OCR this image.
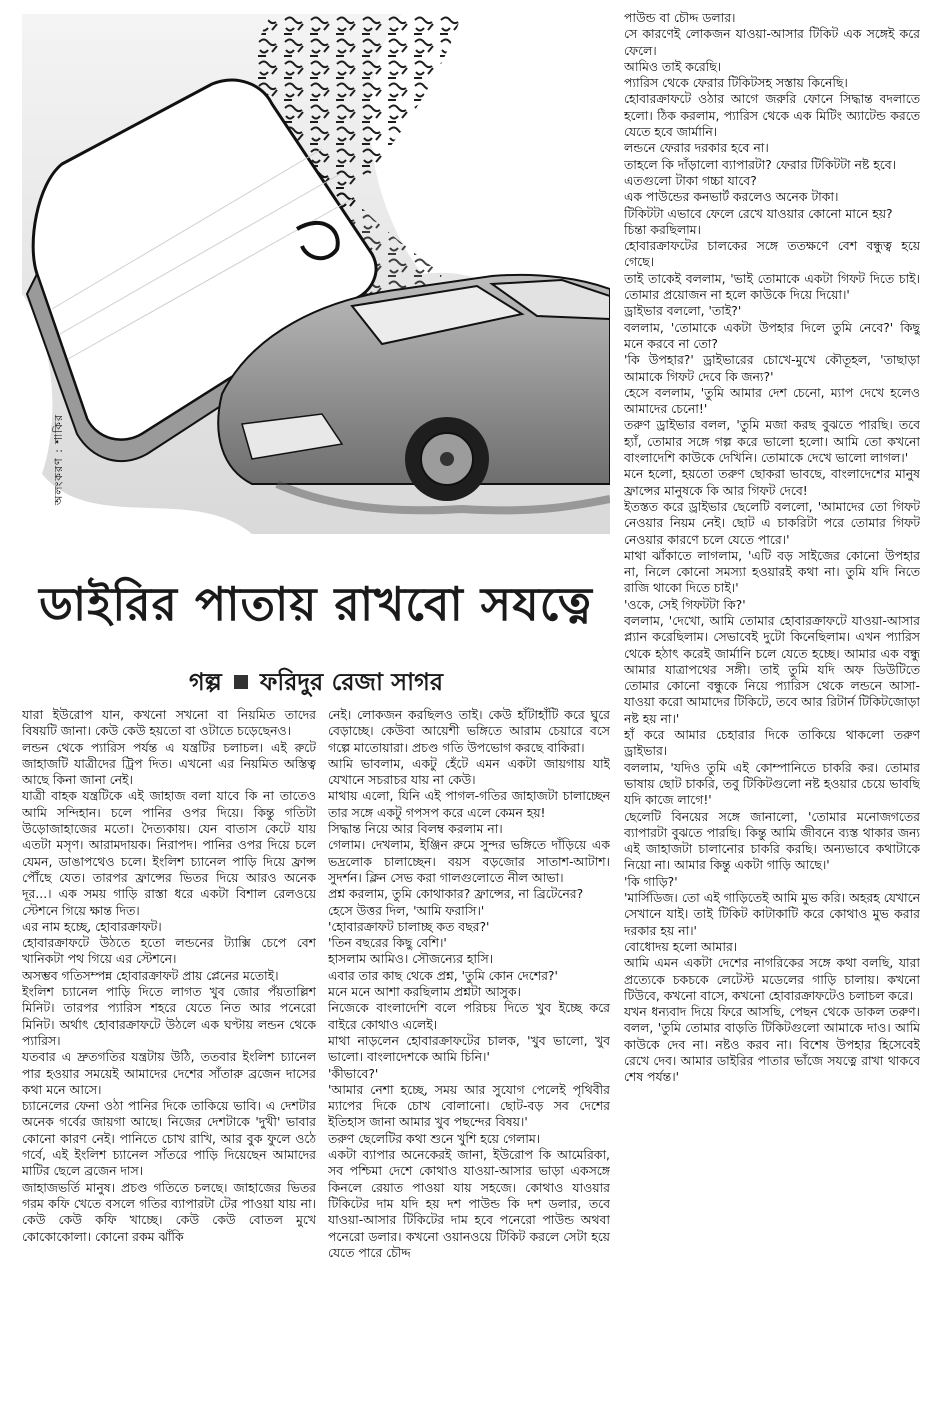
অলংকরণ : শাকির
ডাইরির পাতায় রাখবো সযত্নে
গল্প ফরিদুর রেজা সাগর

যারা ইউরোপ যান, কখনো সখনো বা নিয়মিত তাদের বিষয়টি জানা। কেউ কেউ হয়তো বা ওটাতে চড়েছেনও।

লন্ডন থেকে প্যারিস পর্যন্ত এ যন্ত্রটির চলাচল। এই রুটে জাহাজটি যাত্রীদের ট্রিপ দিত। এখনো এর নিয়মিত অস্তিত্ব আছে কিনা জানা নেই।

যাত্রী বাহক যন্ত্রটিকে এই জাহাজ বলা যাবে কি না তাতেও আমি সন্দিহান। চলে পানির ওপর দিয়ে। কিন্তু গতিটা উড়োজাহাজের মতো। দৈত্যকায়। যেন বাতাস কেটে যায় এতটা মসৃণ। আরামদায়ক। নিরাপদ। পানির ওপর দিয়ে চলে যেমন, ডাঙাপথেও চলে। ইংলিশ চ্যানেল পাড়ি দিয়ে ফ্রান্স পৌঁছে যেত। তারপর ফ্রান্সের ভিতর দিয়ে আরও অনেক দূর...। এক সময় গাড়ি রাস্তা ধরে একটা বিশাল রেলওয়ে স্টেশনে গিয়ে ক্ষান্ত দিত।

এর নাম হচ্ছে, হোবারক্রাফট।

হোবারক্রাফটে উঠতে হতো লন্ডনের ট্যাক্সি চেপে বেশ খানিকটা পথ গিয়ে এর স্টেশনে।

অসম্ভব গতিসম্পন্ন হোবারক্রাফট প্রায় প্লেনের মতোই।

ইংলিশ চ্যানেল পাড়ি দিতে লাগত খুব জোর পঁয়তাল্লিশ মিনিট। তারপর প্যারিস শহরে যেতে নিত আর পনেরো মিনিট। অর্থাৎ হোবারক্রাফটে উঠলে এক ঘণ্টায় লন্ডন থেকে প্যারিস।

যতবার এ দ্রুতগতির যন্ত্রটায় উঠি, ততবার ইংলিশ চ্যানেল পার হওয়ার সময়েই আমাদের দেশের সাঁতারু ব্রজেন দাসের কথা মনে আসে।

চ্যানেলের ফেনা ওঠা পানির দিকে তাকিয়ে ভাবি। এ দেশটার অনেক গর্বের জায়গা আছে। নিজের দেশটাকে 'দুখী' ভাবার কোনো কারণ নেই। পানিতে চোখ রাখি, আর বুক ফুলে ওঠে গর্বে, এই ইংলিশ চ্যানেল সাঁতরে পাড়ি দিয়েছেন আমাদের মাটির ছেলে ব্রজেন দাস।

জাহাজভর্তি মানুষ। প্রচণ্ড গতিতে চলছে। জাহাজের ভিতর গরম কফি খেতে বসলে গতির ব্যাপারটা টের পাওয়া যায় না। কেউ কেউ কফি খাচ্ছে। কেউ কেউ বোতল মুখে কোকোকোলা। কোনো রকম ঝাঁকি

নেই। লোকজন করছিলও তাই। কেউ হাঁটাহাঁটি করে ঘুরে বেড়াচ্ছে। কেউবা আয়েশী ভঙ্গিতে আরাম চেয়ারে বসে গল্পে মাতোয়ারা। প্রচণ্ড গতি উপভোগ করছে বাকিরা।

আমি ভাবলাম, একটু হেঁটে এমন একটা জায়গায় যাই যেখানে সচরাচর যায় না কেউ।

মাথায় এলো, যিনি এই পাগল-গতির জাহাজটা চালাচ্ছেন তার সঙ্গে একটু গপসপ করে এলে কেমন হয়!

সিদ্ধান্ত নিয়ে আর বিলম্ব করলাম না।

গেলাম। দেখলাম, ইঞ্জিন রুমে সুন্দর ভঙ্গিতে দাঁড়িয়ে এক ভদ্রলোক চালাচ্ছেন। বয়স বড়জোর সাতাশ-আটাশ। সুদর্শন। ক্লিন সেভ করা গালগুলোতে নীল আভা।

প্রশ্ন করলাম, তুমি কোথাকার? ফ্রান্সের, না ব্রিটেনের?

হেসে উত্তর দিল, 'আমি ফরাসি।'

'হোবারক্রাফট চালাচ্ছ কত বছর?'

'তিন বছরের কিছু বেশি।'

হাসলাম আমিও। সৌজন্যের হাসি।

এবার তার কাছ থেকে প্রশ্ন, 'তুমি কোন দেশের?'

মনে মনে আশা করছিলাম প্রশ্নটা আসুক।

নিজেকে বাংলাদেশি বলে পরিচয় দিতে খুব ইচ্ছে করে বাইরে কোথাও এলেই।

মাথা নাড়লেন হোবারক্রাফটের চালক, 'খুব ভালো, খুব ভালো। বাংলাদেশকে আমি চিনি।'

'কীভাবে?'

'আমার নেশা হচ্ছে, সময় আর সুযোগ পেলেই পৃথিবীর ম্যাপের দিকে চোখ বোলানো। ছোট-বড় সব দেশের ইতিহাস জানা আমার খুব পছন্দের বিষয়।'

তরুণ ছেলেটির কথা শুনে খুশি হয়ে গেলাম।

একটা ব্যাপার অনেকেরই জানা, ইউরোপ কি আমেরিকা, সব পশ্চিমা দেশে কোথাও যাওয়া-আসার ভাড়া একসঙ্গে কিনলে রেয়াত পাওয়া যায় সহজে। কোথাও যাওয়ার টিকিটের দাম যদি হয় দশ পাউন্ড কি দশ ডলার, তবে যাওয়া-আসার টিকিটের দাম হবে পনেরো পাউন্ড অথবা পনেরো ডলার। কখনো ওয়ানওয়ে টিকিট করলে সেটা হয়ে যেতে পারে চৌদ্দ

পাউন্ড বা চৌদ্দ ডলার।

সে কারণেই লোকজন যাওয়া-আসার টিকিট এক সঙ্গেই করে ফেলে।

আমিও তাই করেছি।

প্যারিস থেকে ফেরার টিকিটসহ সস্তায় কিনেছি।

হোবারক্রাফটে ওঠার আগে জরুরি ফোনে সিদ্ধান্ত বদলাতে হলো। ঠিক করলাম, প্যারিস থেকে এক মিটিং অ্যাটেন্ড করতে যেতে হবে জার্মানি।

লন্ডনে ফেরার দরকার হবে না।

তাহলে কি দাঁড়ালো ব্যাপারটা? ফেরার টিকিটটা নষ্ট হবে।

এতগুলো টাকা গচ্চা যাবে?

এক পাউন্ডের কনভার্ট করলেও অনেক টাকা।

টিকিটটা এভাবে ফেলে রেখে যাওয়ার কোনো মানে হয়?

চিন্তা করছিলাম।

হোবারক্রাফটের চালকের সঙ্গে ততক্ষণে বেশ বন্ধুত্ব হয়ে গেছে।

তাই তাকেই বললাম, 'ভাই তোমাকে একটা গিফট দিতে চাই। তোমার প্রয়োজন না হলে কাউকে দিয়ে দিয়ো।'

ড্রাইভার বললো, 'তাই?'

বললাম, 'তোমাকে একটা উপহার দিলে তুমি নেবে?' কিছু মনে করবে না তো?

'কি উপহার?' ড্রাইভারের চোখে-মুখে কৌতূহল, 'তাছাড়া আমাকে গিফট দেবে কি জন্য?'

হেসে বললাম, 'তুমি আমার দেশ চেনো, ম্যাপ দেখে হলেও আমাদের চেনো!'

তরুণ ড্রাইভার বলল, 'তুমি মজা করছ বুঝতে পারছি। তবে হ্যাঁ, তোমার সঙ্গে গল্প করে ভালো হলো। আমি তো কখনো বাংলাদেশি কাউকে দেখিনি। তোমাকে দেখে ভালো লাগল।'

মনে হলো, হয়তো তরুণ ছোকরা ভাবছে, বাংলাদেশের মানুষ ফ্রান্সের মানুষকে কি আর গিফট দেবে!

ইতস্তত করে ড্রাইভার ছেলেটি বললো, 'আমাদের তো গিফট নেওয়ার নিয়ম নেই। ছোট এ চাকরিটা পরে তোমার গিফট নেওয়ার কারণে চলে যেতে পারে।'

মাথা ঝাঁকাতে লাগলাম, 'এটি বড় সাইজের কোনো উপহার না, নিলে কোনো সমস্যা হওয়ারই কথা না। তুমি যদি নিতে রাজি থাকো দিতে চাই।'

'ওকে, সেই গিফটটা কি?'

বললাম, 'দেখো, আমি তোমার হোবারক্রাফটে যাওয়া-আসার প্ল্যান করেছিলাম। সেভাবেই দুটো কিনেছিলাম। এখন প্যারিস থেকে হঠাৎ করেই জার্মানি চলে যেতে হচ্ছে। আমার এক বন্ধু আমার যাত্রাপথের সঙ্গী। তাই তুমি যদি অফ ডিউটিতে তোমার কোনো বন্ধুকে নিয়ে প্যারিস থেকে লন্ডনে আসা-যাওয়া করো আমাদের টিকিটে, তবে আর রিটার্ন টিকিটজোড়া নষ্ট হয় না।'

হাঁ করে আমার চেহারার দিকে তাকিয়ে থাকলো তরুণ ড্রাইভার।

বললাম, 'যদিও তুমি এই কোম্পানিতে চাকরি কর। তোমার ভাষায় ছোট চাকরি, তবু টিকিটগুলো নষ্ট হওয়ার চেয়ে ভাবছি যদি কাজে লাগে!'

ছেলেটি বিনয়ের সঙ্গে জানালো, 'তোমার মনোজগতের ব্যাপারটা বুঝতে পারছি। কিন্তু আমি জীবনে ব্যস্ত থাকার জন্য এই জাহাজটা চালানোর চাকরি করছি। অন্যভাবে কথাটাকে নিয়ো না। আমার কিন্তু একটা গাড়ি আছে।'

'কি গাড়ি?'

'মার্সিডিজ। তো এই গাড়িতেই আমি মুভ করি। অহরহ যেখানে সেখানে যাই। তাই টিকিট কাটাকাটি করে কোথাও মুভ করার দরকার হয় না।'

বোধোদয় হলো আমার।

আমি এমন একটা দেশের নাগরিকের সঙ্গে কথা বলছি, যারা প্রত্যেকে চকচকে লেটেস্ট মডেলের গাড়ি চালায়। কখনো টিউবে, কখনো বাসে, কখনো হোবারক্রাফটেও চলাচল করে।

যখন ধন্যবাদ দিয়ে ফিরে আসছি, পেছন থেকে ডাকল তরুণ। বলল, 'তুমি তোমার বাড়তি টিকিটগুলো আমাকে দাও। আমি কাউকে দেব না। নষ্টও করব না। বিশেষ উপহার হিসেবেই রেখে দেব। আমার ডাইরির পাতার ভাঁজে সযত্নে রাখা থাকবে শেষ পর্যন্ত।'
